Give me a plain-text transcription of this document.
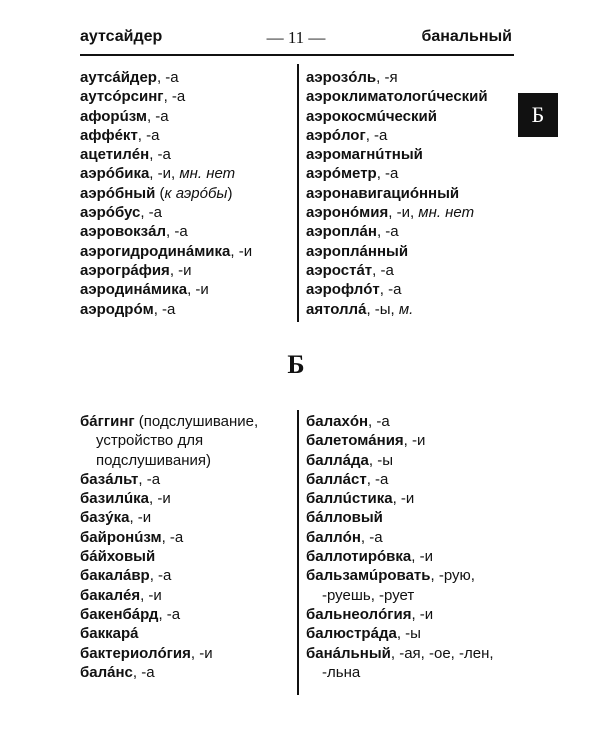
аутсайдер	— 11 —	банальный
аутсáйдер, -а
аутсóрсинг, -а
афорúзм, -а
аффéкт, -а
ацетилéн, -а
аэрóбика, -и, мн. нет
аэрóбный (к аэрóбы)
аэрóбус, -а
аэровокзáл, -а
аэрогидродинáмика, -и
аэрогрáфия, -и
аэродинáмика, -и
аэродрóм, -а
аэрозóль, -я
аэроклиматологúческий
аэрокосмúческий
аэрóлог, -а
аэромагнúтный
аэрóметр, -а
аэронавигациóнный
аэронóмия, -и, мн. нет
аэроплáн, -а
аэроплáнный
аэростáт, -а
аэрофлóт, -а
аятоллá, -ы, м.
Б
Б
бáггинг (подслушивание,
устройство для
подслушивания)
базáльт, -а
базилúка, -и
базýка, -и
байронúзм, -а
бáйховый
бакалáвр, -а
бакалéя, -и
бакенбáрд, -а
баккарá
бактериолóгия, -и
балáнс, -а
балахóн, -а
балетомáния, -и
баллáда, -ы
баллáст, -а
баллúстика, -и
бáлловый
баллóн, -а
баллотирóвка, -и
бальзамúровать, -рую,
-руешь, -рует
бальнеолóгия, -и
балюстрáда, -ы
банáльный, -ая, -ое, -лен,
-льна
